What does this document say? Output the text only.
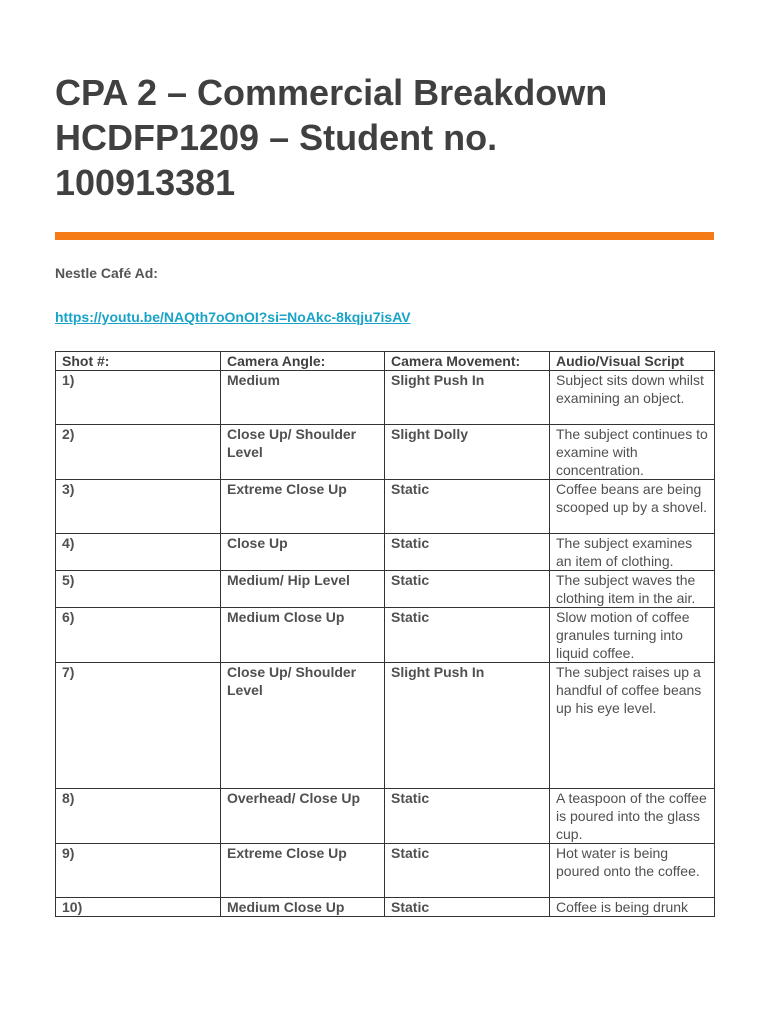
CPA 2 – Commercial Breakdown
HCDFP1209 – Student no.
100913381
Nestle Café Ad:
https://youtu.be/NAQth7oOnOI?si=NoAkc-8kqju7isAV
Shot #:	Camera Angle:	Camera Movement:	Audio/Visual Script
1)	Medium	Slight Push In	Subject sits down whilst examining an object.
2)	Close Up/ Shoulder Level	Slight Dolly	The subject continues to examine with concentration.
3)	Extreme Close Up	Static	Coffee beans are being scooped up by a shovel.
4)	Close Up	Static	The subject examines an item of clothing.
5)	Medium/ Hip Level	Static	The subject waves the clothing item in the air.
6)	Medium Close Up	Static	Slow motion of coffee granules turning into liquid coffee.
7)	Close Up/ Shoulder Level	Slight Push In	The subject raises up a handful of coffee beans up his eye level.
8)	Overhead/ Close Up	Static	A teaspoon of the coffee is poured into the glass cup.
9)	Extreme Close Up	Static	Hot water is being poured onto the coffee.
10)	Medium Close Up	Static	Coffee is being drunk
